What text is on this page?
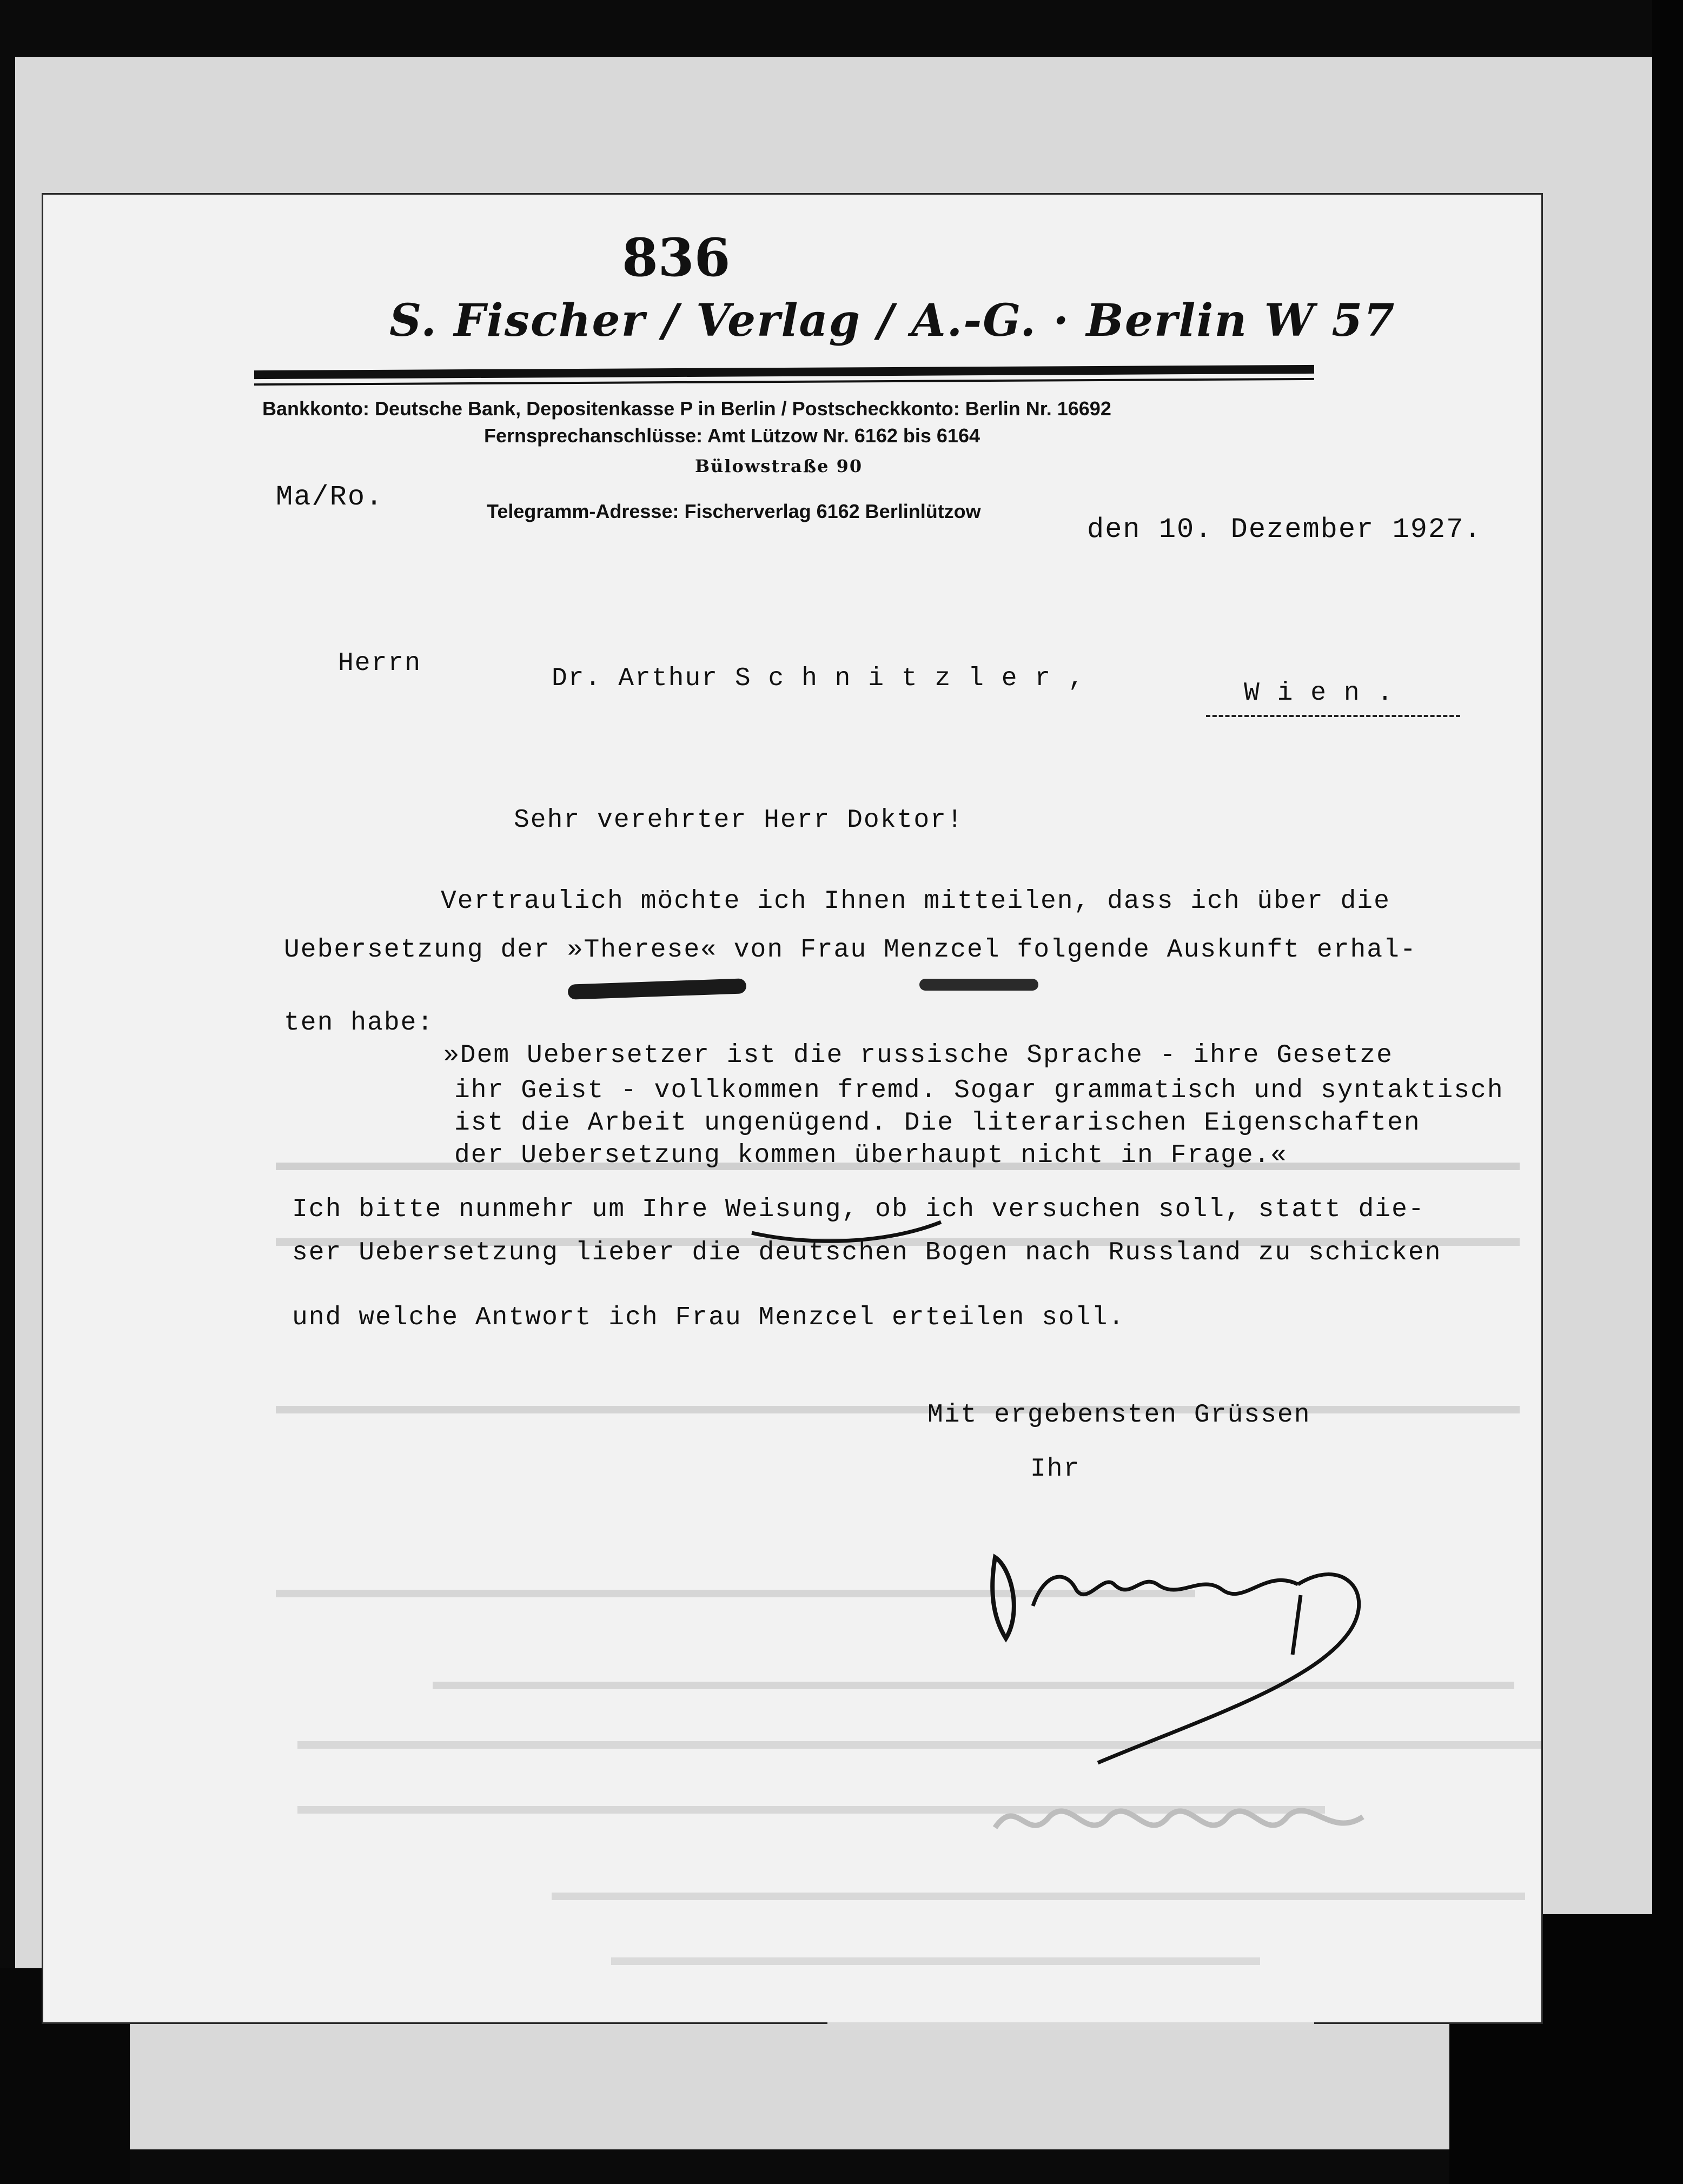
836
S. Fischer / Verlag / A.-G. · Berlin W 57
Bankkonto: Deutsche Bank, Depositenkasse P in Berlin / Postscheckkonto: Berlin Nr. 16692
Fernsprechanschlüsse: Amt Lützow Nr. 6162 bis 6164
Bülowstraße 90
Telegramm-Adresse: Fischerverlag 6162 Berlinlützow
Ma/Ro.
den 10. Dezember 1927.
Herrn
Dr. Arthur S c h n i t z l e r ,	W i e n .
Sehr verehrter Herr Doktor!
Vertraulich möchte ich Ihnen mitteilen, dass ich über die
Uebersetzung der »Therese« von Frau Menzcel folgende Auskunft erhal-
ten habe:
»Dem Uebersetzer ist die russische Sprache - ihre Gesetze
ihr Geist - vollkommen fremd. Sogar grammatisch und syntaktisch
ist die Arbeit ungenügend. Die literarischen Eigenschaften
der Uebersetzung kommen überhaupt nicht in Frage.«
Ich bitte nunmehr um Ihre Weisung, ob ich versuchen soll, statt die-
ser Uebersetzung lieber die deutschen Bogen nach Russland zu schicken
und welche Antwort ich Frau Menzcel erteilen soll.
Mit ergebensten Grüssen
Ihr
